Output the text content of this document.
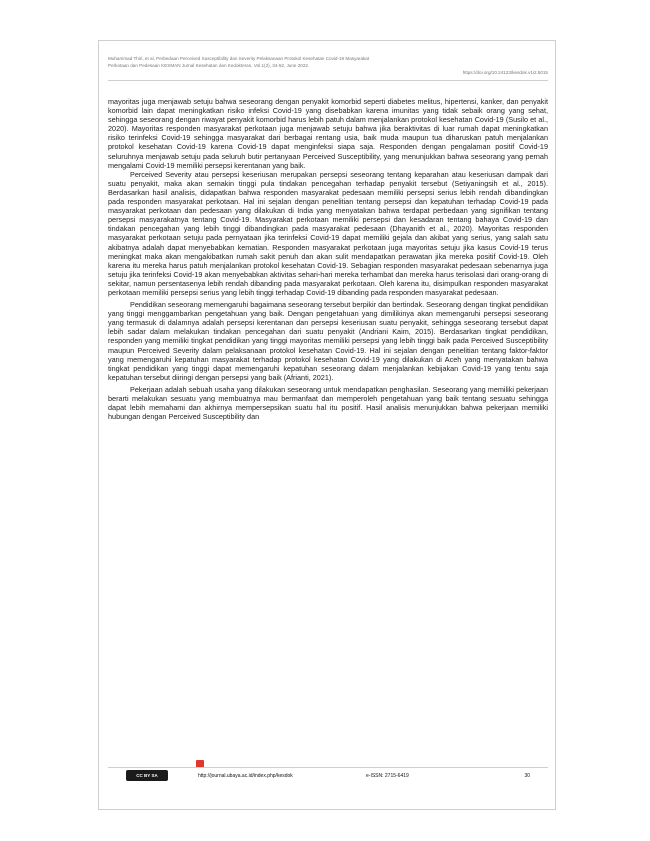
Muhammad Thiri, et al, Perbedaan Perceived Susceptibility dan Severity Pelaksanaan Protokol Kesehatan Covid-19 Masyarakat
Perkotaan dan Pedesaan KESMAN Jurnal Kesehatan dan Kedokteran, Vol.1(2), 34-52, June 2022.
https://doi.org/10.24123/kesdok.v1i2.5015

mayoritas juga menjawab setuju bahwa seseorang dengan penyakit komorbid seperti diabetes melitus, hipertensi, kanker, dan penyakit komorbid lain dapat meningkatkan risiko infeksi Covid-19 yang disebabkan karena imunitas yang tidak sebaik orang yang sehat, sehingga seseorang dengan riwayat penyakit komorbid harus lebih patuh dalam menjalankan protokol kesehatan Covid-19 (Susilo et al., 2020). Mayoritas responden masyarakat perkotaan juga menjawab setuju bahwa jika beraktivitas di luar rumah dapat meningkatkan risiko terinfeksi Covid-19 sehingga masyarakat dari berbagai rentang usia, baik muda maupun tua diharuskan patuh menjalankan protokol kesehatan Covid-19 karena Covid-19 dapat menginfeksi siapa saja. Responden dengan pengalaman positif Covid-19 seluruhnya menjawab setuju pada seluruh butir pertanyaan Perceived Susceptibility, yang menunjukkan bahwa seseorang yang pernah mengalami Covid-19 memiliki persepsi kerentanan yang baik.

Perceived Severity atau persepsi keseriusan merupakan persepsi seseorang tentang keparahan atau keseriusan dampak dari suatu penyakit, maka akan semakin tinggi pula tindakan pencegahan terhadap penyakit tersebut (Setiyaningsih et al., 2015). Berdasarkan hasil analisis, didapatkan bahwa responden masyarakat pedesaan memiliki persepsi serius lebih rendah dibandingkan pada responden masyarakat perkotaan. Hal ini sejalan dengan penelitian tentang persepsi dan kepatuhan terhadap Covid-19 pada masyarakat perkotaan dan pedesaan yang dilakukan di India yang menyatakan bahwa terdapat perbedaan yang signifikan tentang persepsi masyarakatnya tentang Covid-19. Masyarakat perkotaan memiliki persepsi dan kesadaran tentang bahaya Covid-19 dan tindakan pencegahan yang lebih tinggi dibandingkan pada masyarakat pedesaan (Dhayanith et al., 2020). Mayoritas responden masyarakat perkotaan setuju pada pernyataan jika terinfeksi Covid-19 dapat memiliki gejala dan akibat yang serius, yang salah satu akibatnya adalah dapat menyebabkan kematian. Responden masyarakat perkotaan juga mayoritas setuju jika kasus Covid-19 terus meningkat maka akan mengakibatkan rumah sakit penuh dan akan sulit mendapatkan perawatan jika mereka positif Covid-19. Oleh karena itu mereka harus patuh menjalankan protokol kesehatan Covid-19. Sebagian responden masyarakat pedesaan sebenarnya juga setuju jika terinfeksi Covid-19 akan menyebabkan aktivitas sehari-hari mereka terhambat dan mereka harus terisolasi dari orang-orang di sekitar, namun persentasenya lebih rendah dibanding pada masyarakat perkotaan. Oleh karena itu, disimpulkan responden masyarakat perkotaan memiliki persepsi serius yang lebih tinggi terhadap Covid-19 dibanding pada responden masyarakat pedesaan.

Pendidikan seseorang memengaruhi bagaimana seseorang tersebut berpikir dan bertindak. Seseorang dengan tingkat pendidikan yang tinggi menggambarkan pengetahuan yang baik. Dengan pengetahuan yang dimilikinya akan memengaruhi persepsi seseorang yang termasuk di dalamnya adalah persepsi kerentanan dan persepsi keseriusan suatu penyakit, sehingga seseorang tersebut dapat lebih sadar dalam melakukan tindakan pencegahan dari suatu penyakit (Andriani Kaim, 2015). Berdasarkan tingkat pendidikan, responden yang memiliki tingkat pendidikan yang tinggi mayoritas memiliki persepsi yang lebih tinggi baik pada Perceived Susceptibility maupun Perceived Severity dalam pelaksanaan protokol kesehatan Covid-19. Hal ini sejalan dengan penelitian tentang faktor-faktor yang memengaruhi kepatuhan masyarakat terhadap protokol kesehatan Covid-19 yang dilakukan di Aceh yang menyatakan bahwa tingkat pendidikan yang tinggi dapat memengaruhi kepatuhan seseorang dalam menjalankan kebijakan Covid-19 yang tentu saja kepatuhan tersebut diiringi dengan persepsi yang baik (Afrianti, 2021).

Pekerjaan adalah sebuah usaha yang dilakukan seseorang untuk mendapatkan penghasilan. Seseorang yang memiliki pekerjaan berarti melakukan sesuatu yang membuatnya mau bermanfaat dan memperoleh pengetahuan yang baik tentang sesuatu sehingga dapat lebih memahami dan akhirnya mempersepsikan suatu hal itu positif. Hasil analisis menunjukkan bahwa pekerjaan memiliki hubungan dengan Perceived Susceptibility dan

CC BY SA	http://journal.ubaya.ac.id/index.php/kesdok	e-ISSN: 2715-6419	30
